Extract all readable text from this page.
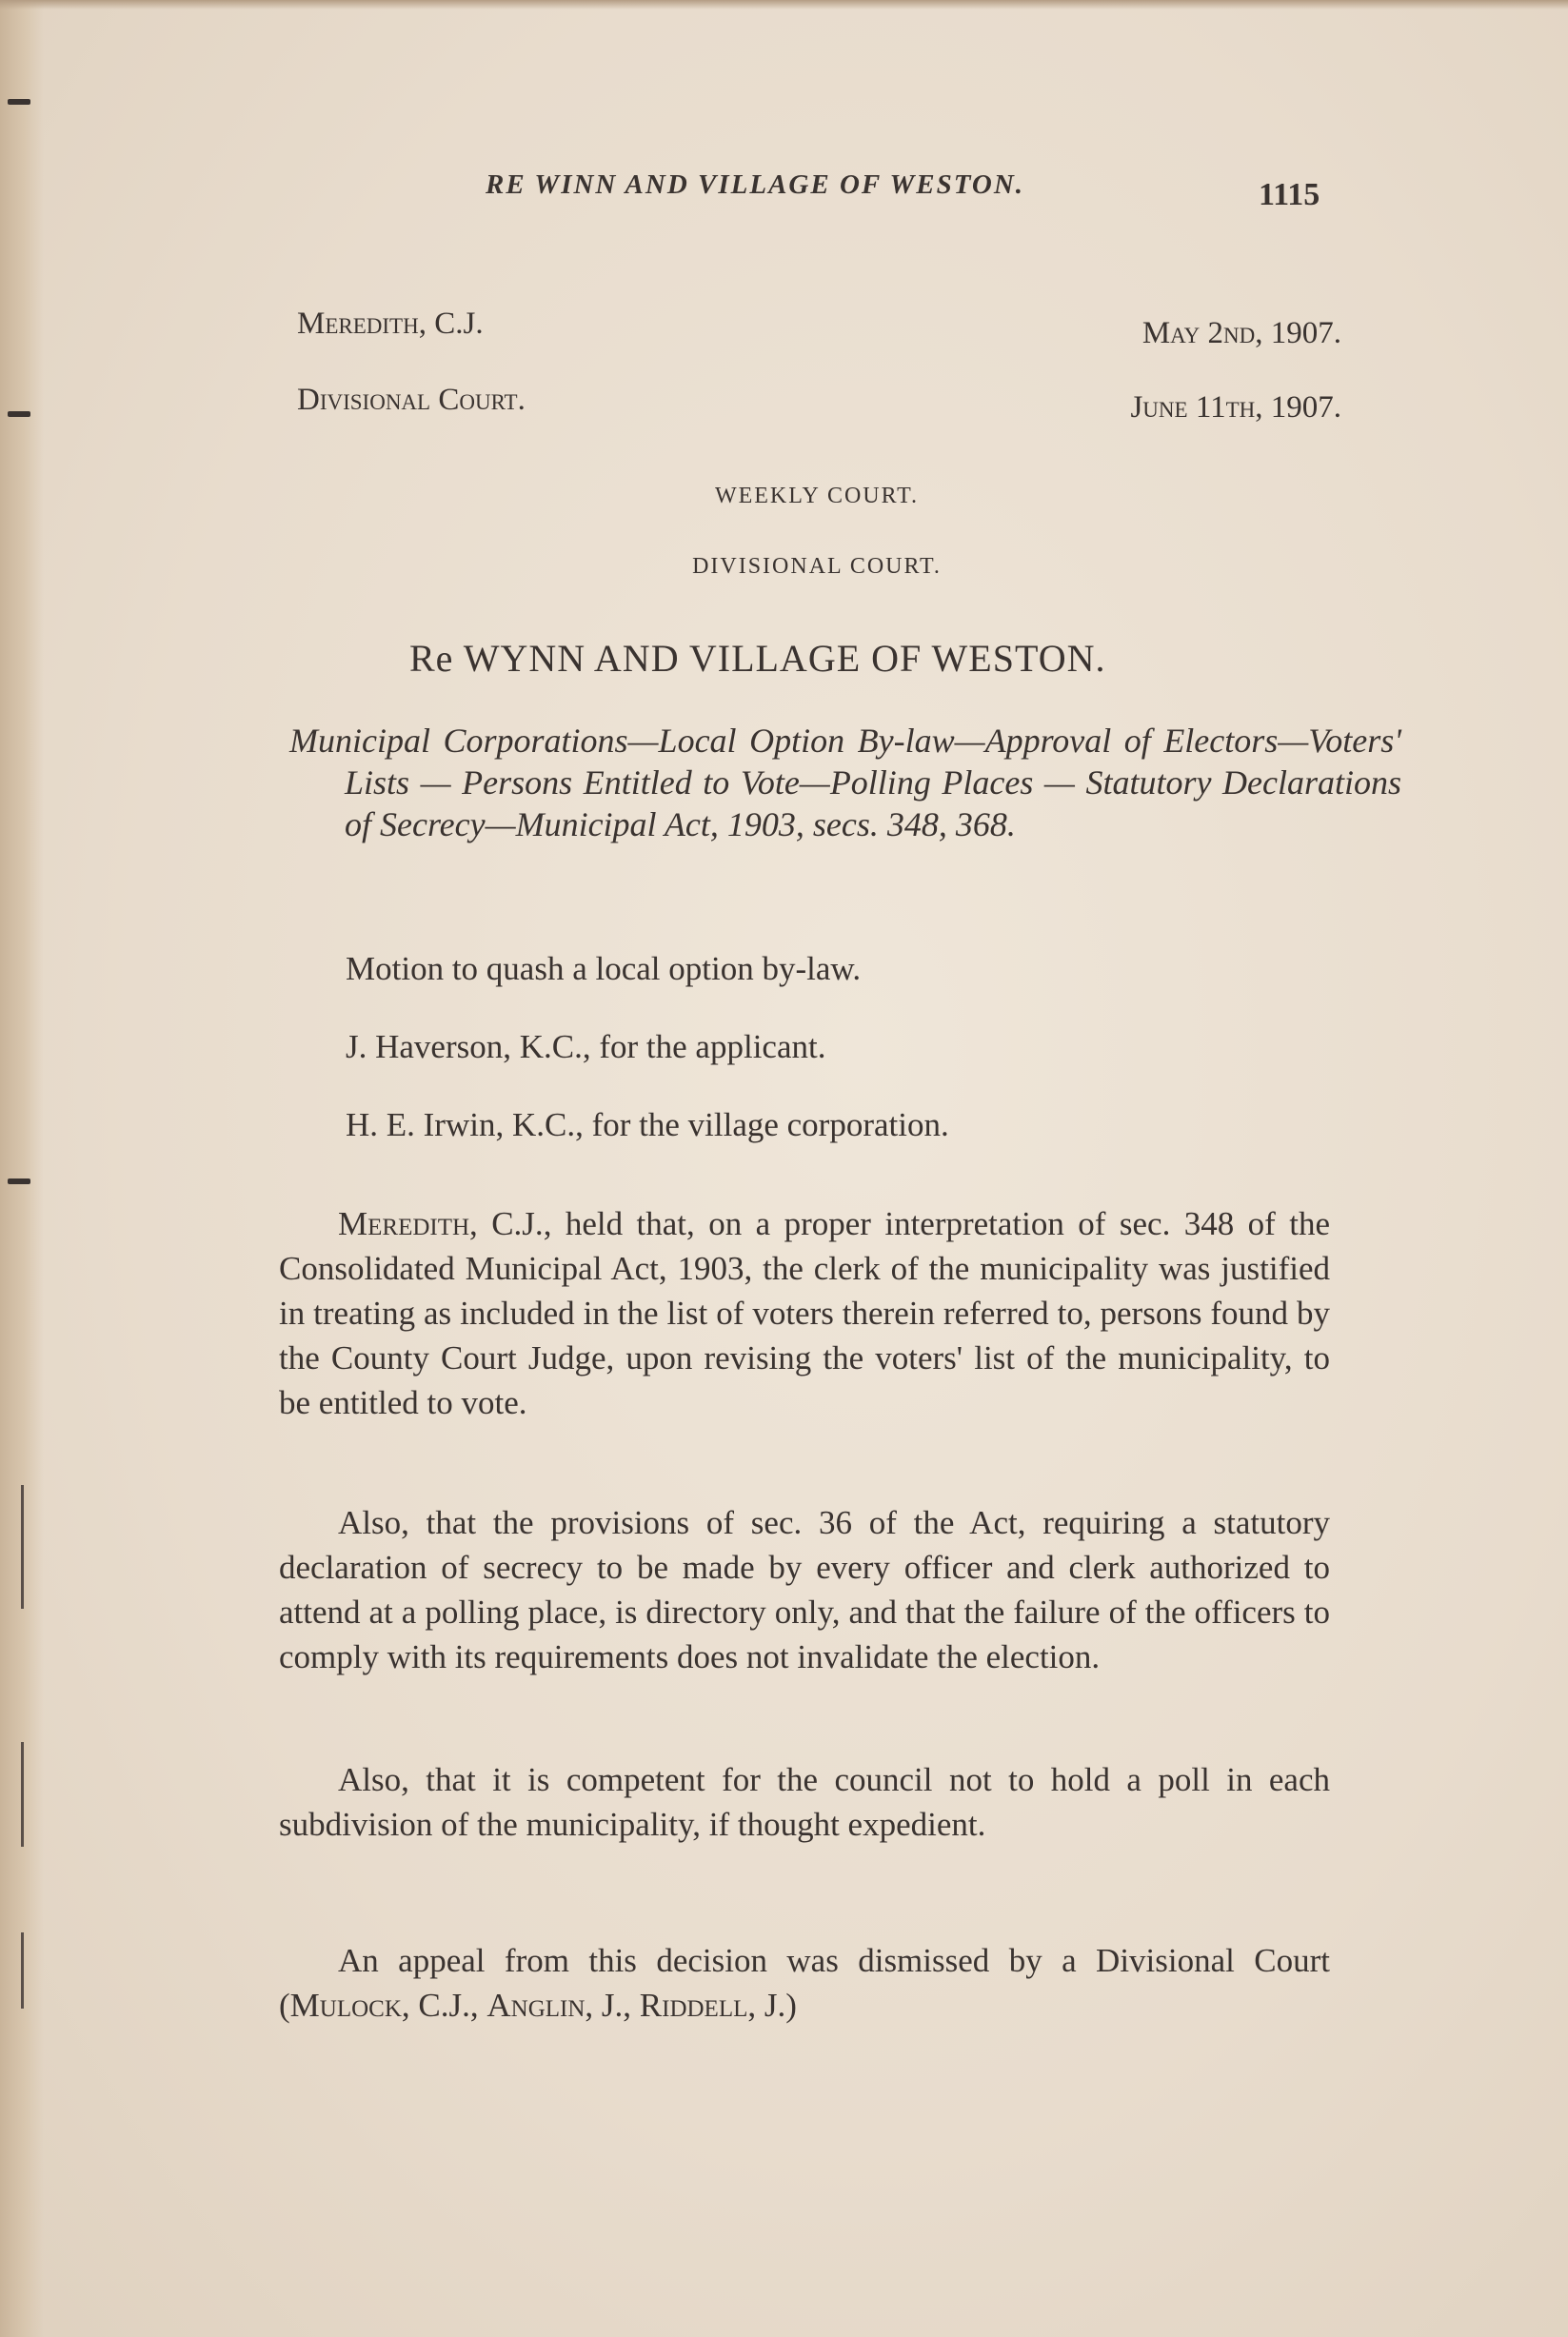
RE WINN AND VILLAGE OF WESTON.	1115
Meredith, C.J.	May 2nd, 1907.
Divisional Court.	June 11th, 1907.
WEEKLY COURT.
DIVISIONAL COURT.
Re WYNN AND VILLAGE OF WESTON.
Municipal Corporations—Local Option By-law—Approval of Electors—Voters' Lists — Persons Entitled to Vote—Polling Places — Statutory Declarations of Secrecy—Municipal Act, 1903, secs. 348, 368.
Motion to quash a local option by-law.
J. Haverson, K.C., for the applicant.
H. E. Irwin, K.C., for the village corporation.
Meredith, C.J., held that, on a proper interpretation of sec. 348 of the Consolidated Municipal Act, 1903, the clerk of the municipality was justified in treating as included in the list of voters therein referred to, persons found by the County Court Judge, upon revising the voters' list of the municipality, to be entitled to vote.
Also, that the provisions of sec. 36 of the Act, requiring a statutory declaration of secrecy to be made by every officer and clerk authorized to attend at a polling place, is directory only, and that the failure of the officers to comply with its requirements does not invalidate the election.
Also, that it is competent for the council not to hold a poll in each subdivision of the municipality, if thought expedient.
An appeal from this decision was dismissed by a Divisional Court (Mulock, C.J., Anglin, J., Riddell, J.)
